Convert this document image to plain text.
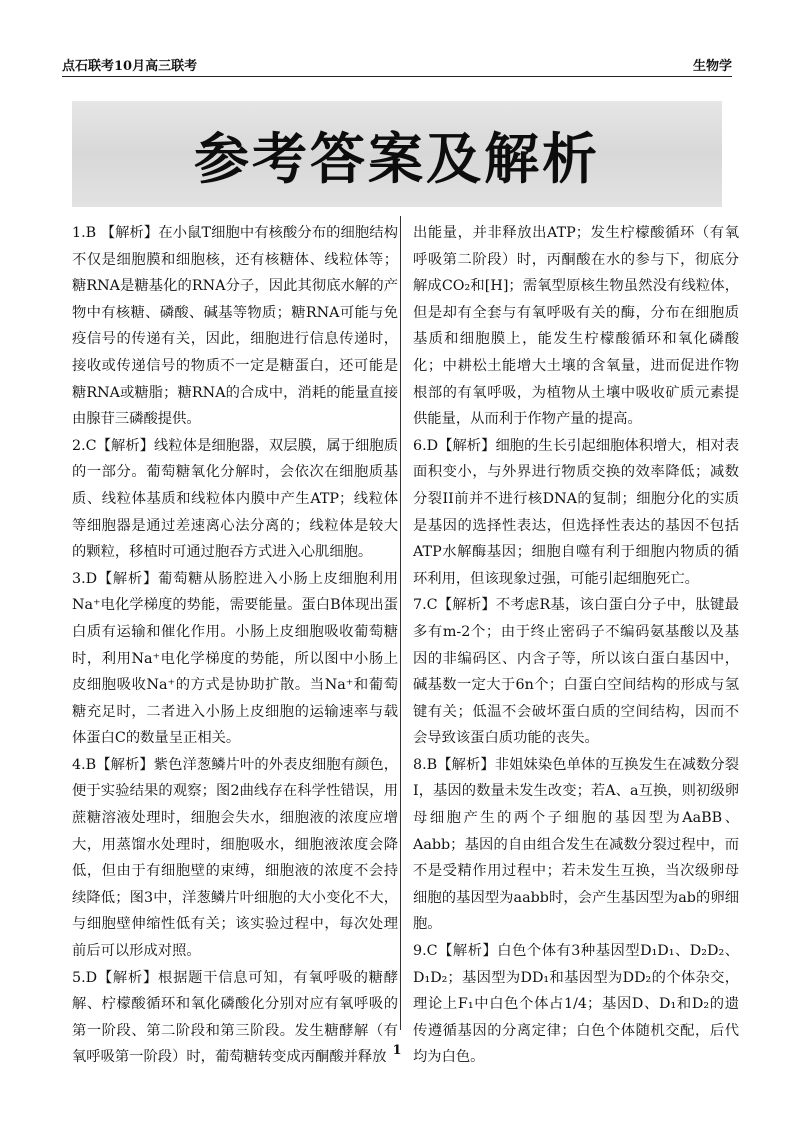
点石联考10月高三联考	生物学
参考答案及解析

1.B 【解析】在小鼠T细胞中有核酸分布的细胞结构不仅是细胞膜和细胞核，还有核糖体、线粒体等；糖RNA是糖基化的RNA分子，因此其彻底水解的产物中有核糖、磷酸、碱基等物质；糖RNA可能与免疫信号的传递有关，因此，细胞进行信息传递时，接收或传递信号的物质不一定是糖蛋白，还可能是糖RNA或糖脂；糖RNA的合成中，消耗的能量直接由腺苷三磷酸提供。

2.C【解析】线粒体是细胞器，双层膜，属于细胞质的一部分。葡萄糖氧化分解时，会依次在细胞质基质、线粒体基质和线粒体内膜中产生ATP；线粒体等细胞器是通过差速离心法分离的；线粒体是较大的颗粒，移植时可通过胞吞方式进入心肌细胞。

3.D【解析】葡萄糖从肠腔进入小肠上皮细胞利用Na⁺电化学梯度的势能，需要能量。蛋白B体现出蛋白质有运输和催化作用。小肠上皮细胞吸收葡萄糖时，利用Na⁺电化学梯度的势能，所以图中小肠上皮细胞吸收Na⁺的方式是协助扩散。当Na⁺和葡萄糖充足时，二者进入小肠上皮细胞的运输速率与载体蛋白C的数量呈正相关。

4.B【解析】紫色洋葱鳞片叶的外表皮细胞有颜色，便于实验结果的观察；图2曲线存在科学性错误，用蔗糖溶液处理时，细胞会失水，细胞液的浓度应增大，用蒸馏水处理时，细胞吸水，细胞液浓度会降低，但由于有细胞壁的束缚，细胞液的浓度不会持续降低；图3中，洋葱鳞片叶细胞的大小变化不大，与细胞壁伸缩性低有关；该实验过程中，每次处理前后可以形成对照。

5.D【解析】根据题干信息可知，有氧呼吸的糖酵解、柠檬酸循环和氧化磷酸化分别对应有氧呼吸的第一阶段、第二阶段和第三阶段。发生糖酵解（有氧呼吸第一阶段）时，葡萄糖转变成丙酮酸并释放

出能量，并非释放出ATP；发生柠檬酸循环（有氧呼吸第二阶段）时，丙酮酸在水的参与下，彻底分解成CO₂和[H]；需氧型原核生物虽然没有线粒体，但是却有全套与有氧呼吸有关的酶，分布在细胞质基质和细胞膜上，能发生柠檬酸循环和氧化磷酸化；中耕松土能增大土壤的含氧量，进而促进作物根部的有氧呼吸，为植物从土壤中吸收矿质元素提供能量，从而利于作物产量的提高。

6.D【解析】细胞的生长引起细胞体积增大，相对表面积变小，与外界进行物质交换的效率降低；减数分裂II前并不进行核DNA的复制；细胞分化的实质是基因的选择性表达，但选择性表达的基因不包括ATP水解酶基因；细胞自噬有利于细胞内物质的循环利用，但该现象过强，可能引起细胞死亡。

7.C【解析】不考虑R基，该白蛋白分子中，肽键最多有m-2个；由于终止密码子不编码氨基酸以及基因的非编码区、内含子等，所以该白蛋白基因中，碱基数一定大于6n个；白蛋白空间结构的形成与氢键有关；低温不会破坏蛋白质的空间结构，因而不会导致该蛋白质功能的丧失。

8.B【解析】非姐妹染色单体的互换发生在减数分裂I，基因的数量未发生改变；若A、a互换，则初级卵母细胞产生的两个子细胞的基因型为AaBB、Aabb；基因的自由组合发生在减数分裂过程中，而不是受精作用过程中；若未发生互换，当次级卵母细胞的基因型为aabb时，会产生基因型为ab的卵细胞。

9.C【解析】白色个体有3种基因型D₁D₁、D₂D₂、D₁D₂；基因型为DD₁和基因型为DD₂的个体杂交，理论上F₁中白色个体占1/4；基因D、D₁和D₂的遗传遵循基因的分离定律；白色个体随机交配，后代均为白色。

1
